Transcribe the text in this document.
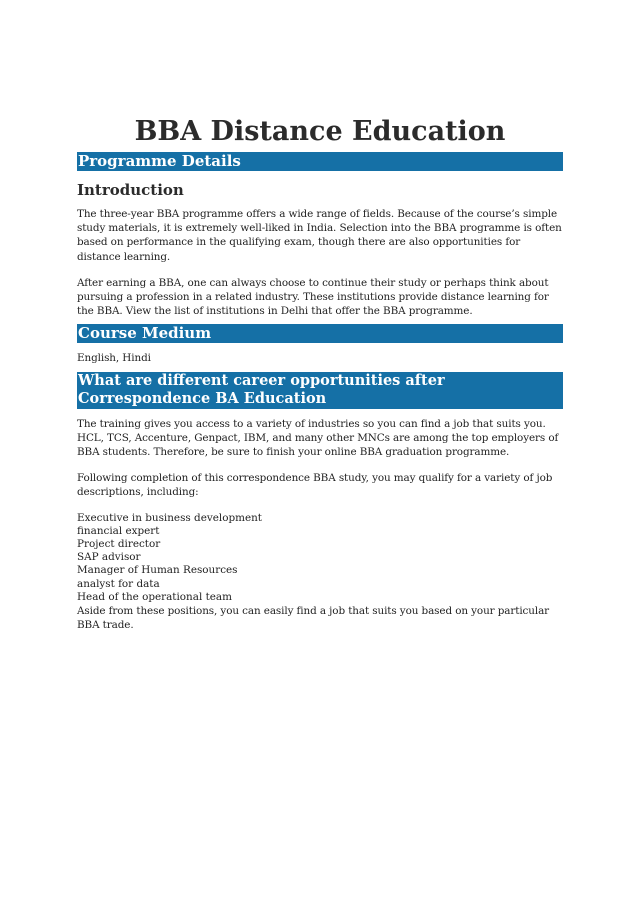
BBA Distance Education
Programme Details
Introduction

The three-year BBA programme offers a wide range of fields. Because of the course’s simple study materials, it is extremely well-liked in India. Selection into the BBA programme is often based on performance in the qualifying exam, though there are also opportunities for distance learning.

After earning a BBA, one can always choose to continue their study or perhaps think about pursuing a profession in a related industry. These institutions provide distance learning for the BBA. View the list of institutions in Delhi that offer the BBA programme.

Course Medium

English, Hindi

What are different career opportunities after Correspondence BA Education

The training gives you access to a variety of industries so you can find a job that suits you. HCL, TCS, Accenture, Genpact, IBM, and many other MNCs are among the top employers of BBA students. Therefore, be sure to finish your online BBA graduation programme.

Following completion of this correspondence BBA study, you may qualify for a variety of job descriptions, including:

Executive in business development
financial expert
Project director
SAP advisor
Manager of Human Resources
analyst for data
Head of the operational team

Aside from these positions, you can easily find a job that suits you based on your particular BBA trade.
